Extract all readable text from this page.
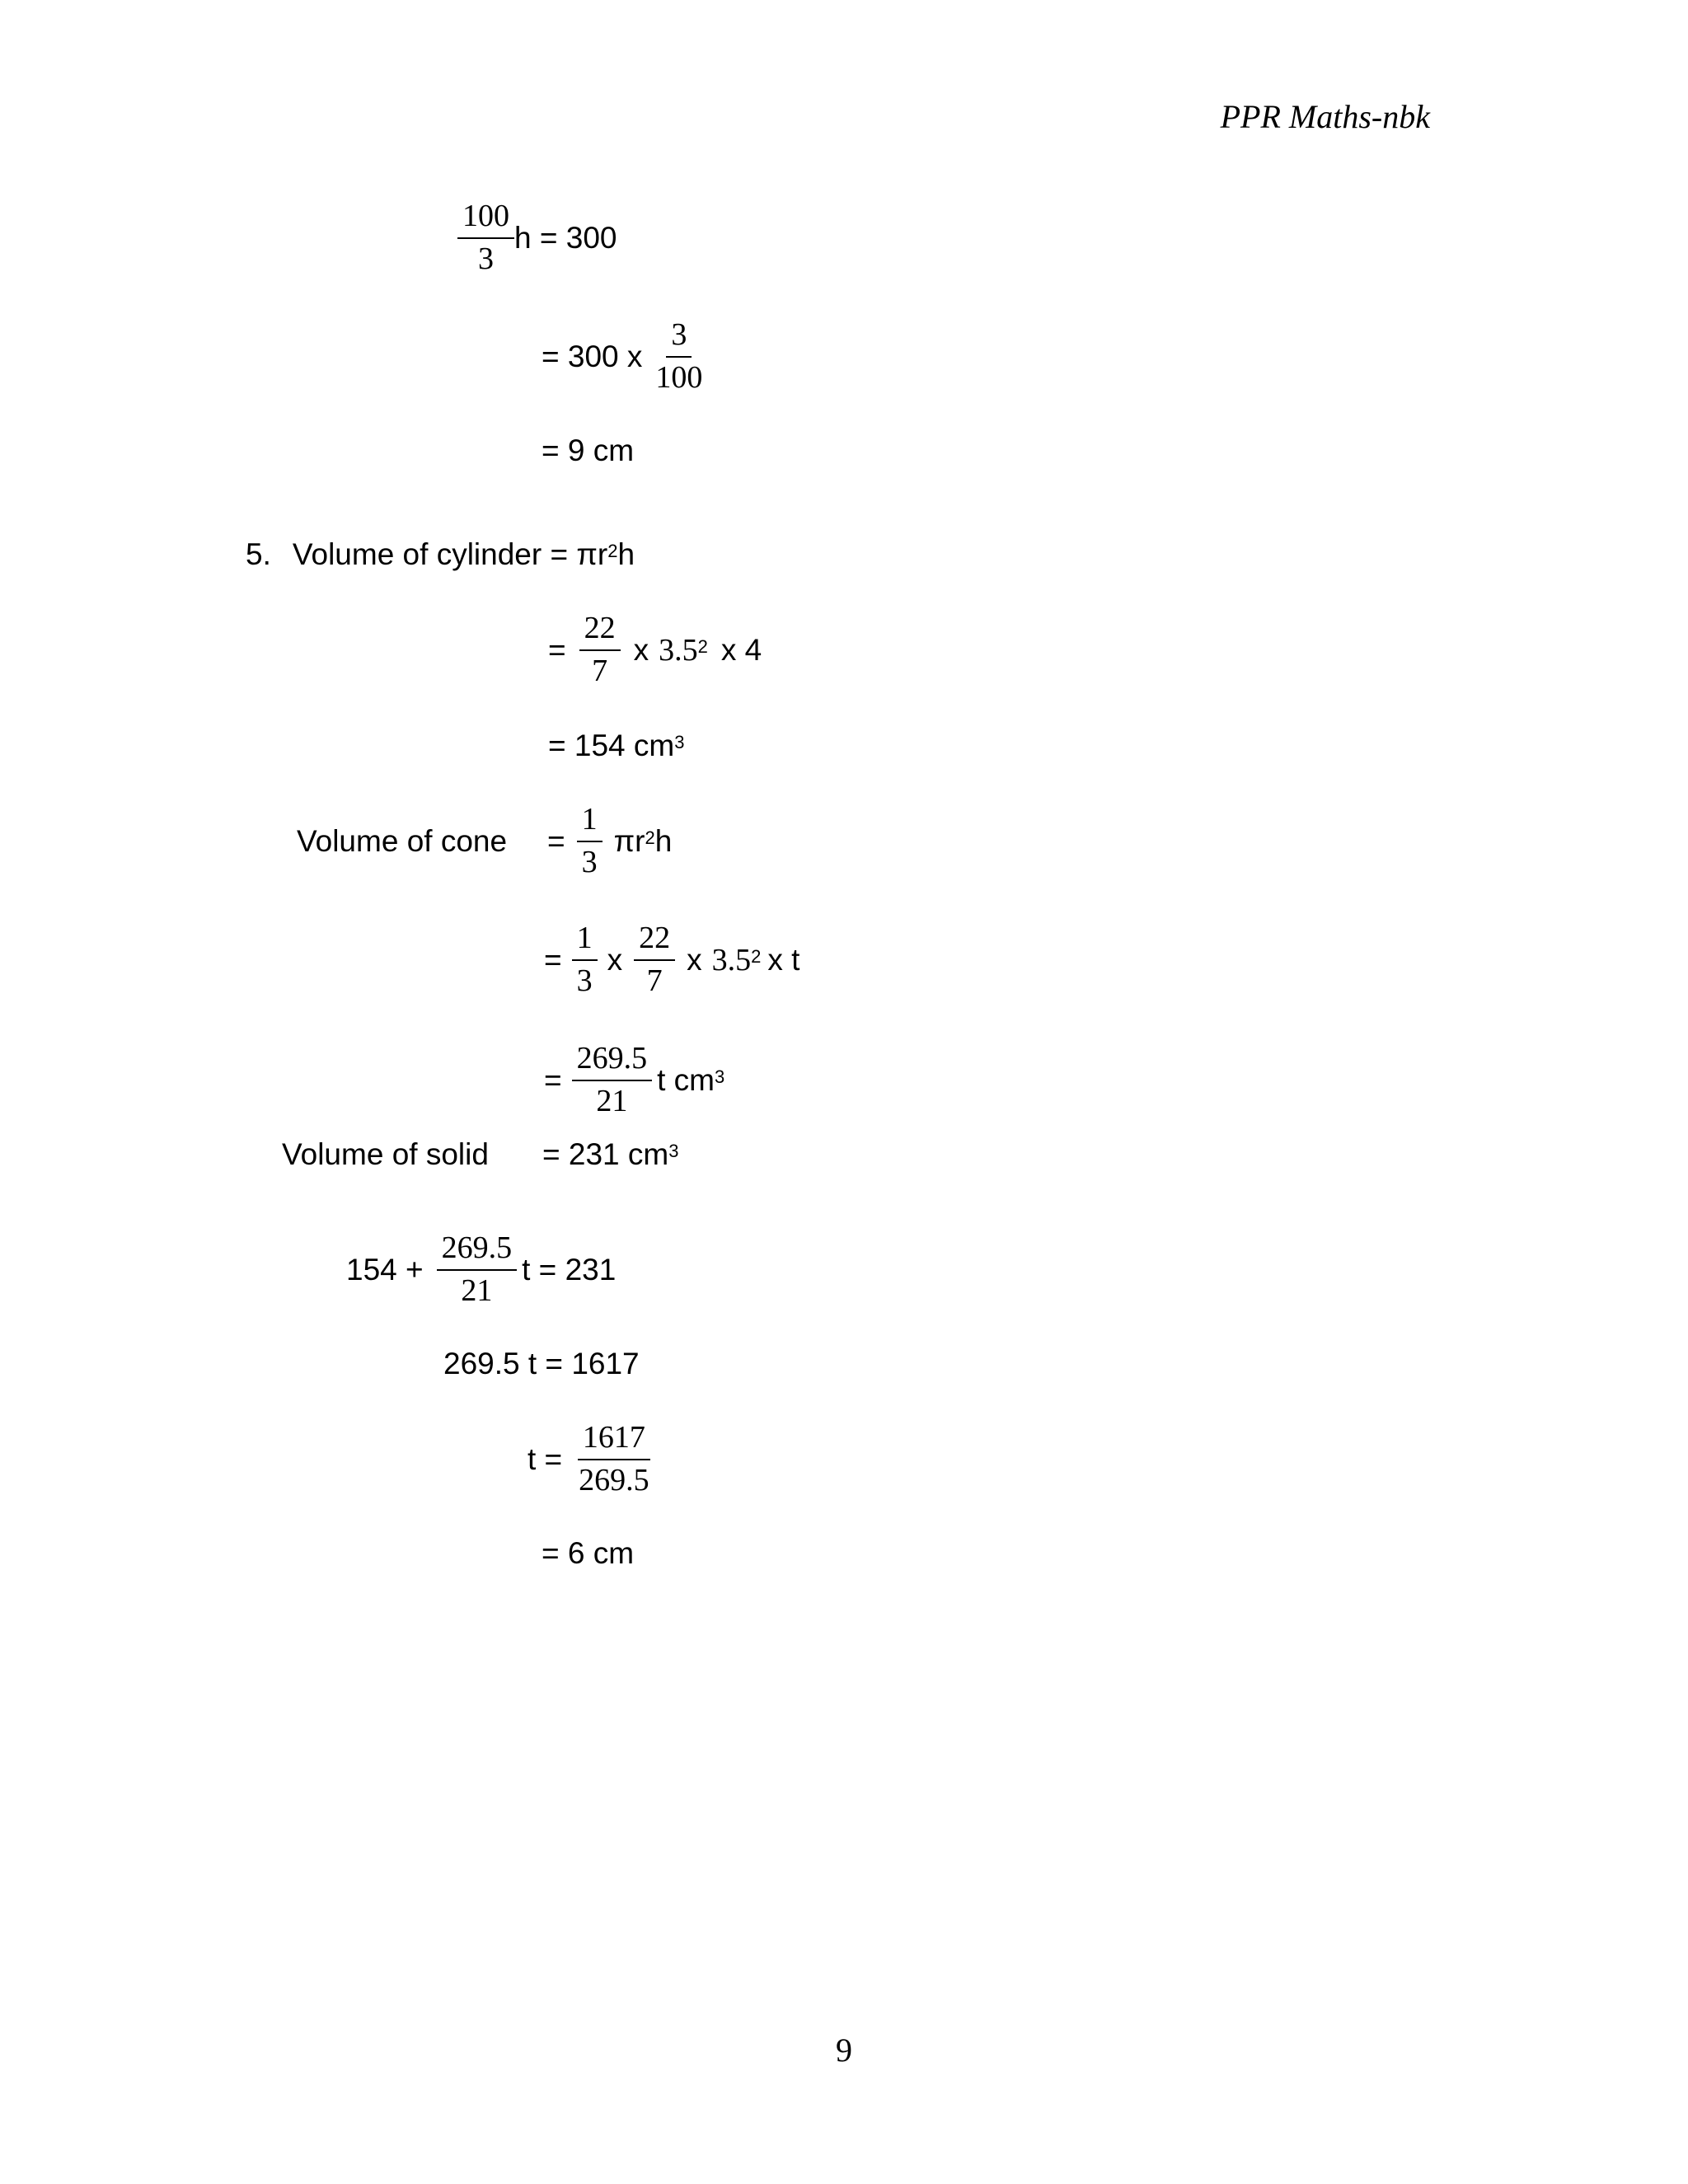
PPR Maths-nbk
$\frac{100}{3}$ h = 300
= 300 x $\frac{3}{100}$
= 9 cm
5. Volume of cylinder = $\pi r^2$ h
= $\frac{22}{7}$ x $3.5^2$ x 4
= 154 $cm^3$
Volume of cone	= $\frac{1}{3} \pi r^2$ h
= $\frac{1}{3}$ x $\frac{22}{7}$ x $3.5^2$ x t
= $\frac{269.5}{21}$ t $cm^3$
Volume of solid	= 231 $cm^3$
$154 + \frac{269.5}{21}$ t = 231
269.5 t = 1617
$t = \frac{1617}{269.5}$
= 6 cm
9
